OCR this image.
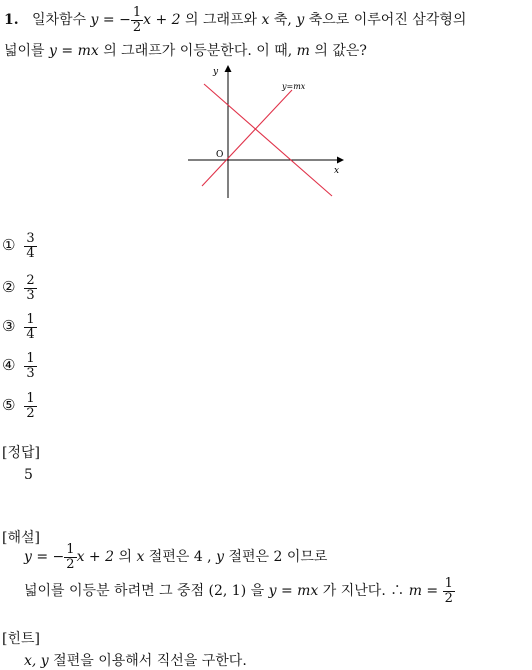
1. 일차함수 y = − $\frac{1}{2}$ x + 2 의 그래프와 x 축, y 축으로 이루어진 삼각형의
넓이를 y = mx 의 그래프가 이등분한다. 이 때, m 의 값은?
y
x
O
y=mx
① $\frac{3}{4}$
② $\frac{2}{3}$
③ $\frac{1}{4}$
④ $\frac{1}{3}$
⑤ $\frac{1}{2}$
[정답]
5
[해설]
y = − $\frac{1}{2}$ x + 2 의 x 절편은 4 , y 절편은 2 이므로
넓이를 이등분 하려면 그 중점 (2, 1) 을 y = mx 가 지난다. ∴ $m = \frac{1}{2}$
[힌트]
x, y 절편을 이용해서 직선을 구한다.
